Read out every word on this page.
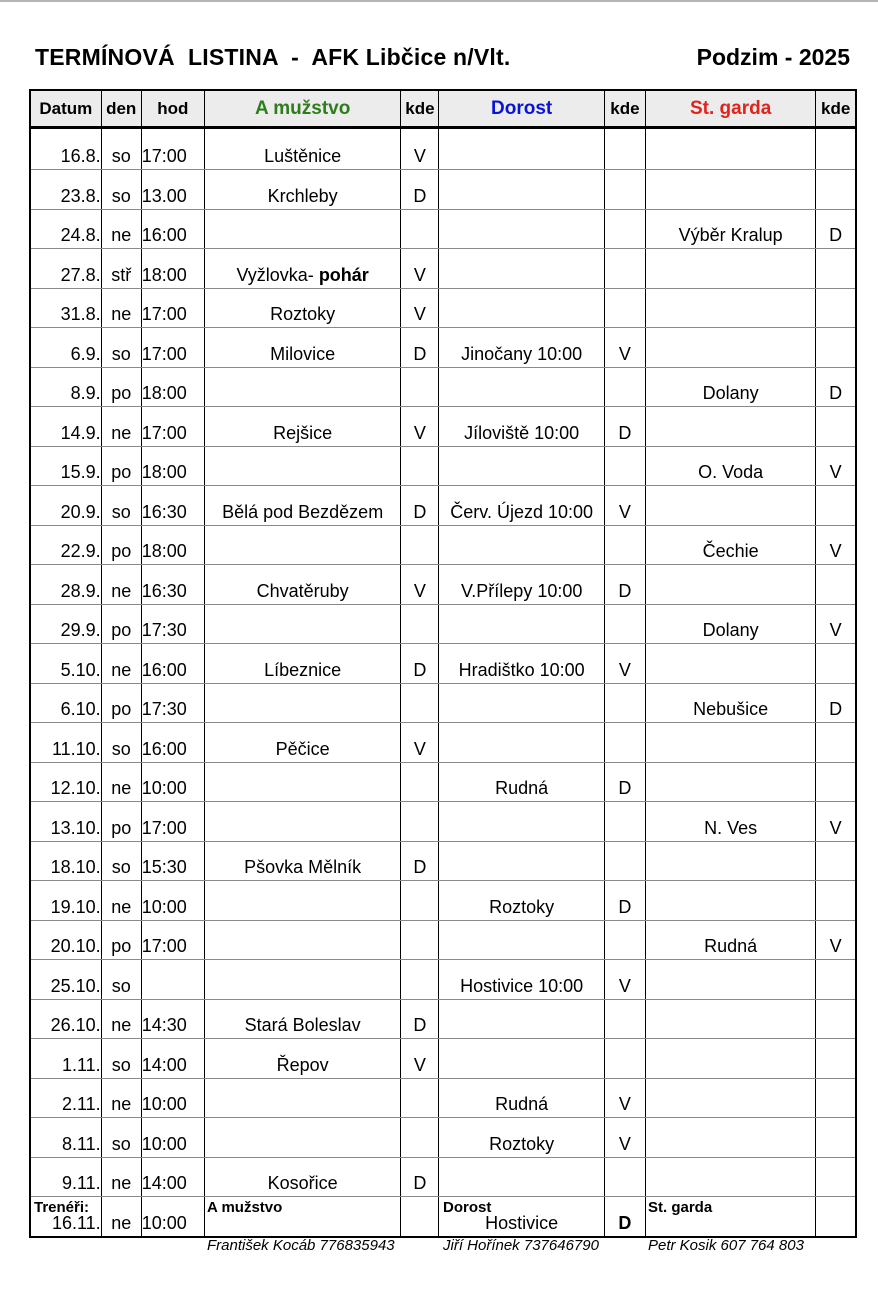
TERMÍNOVÁ  LISTINA  -  AFK Libčice n/Vlt.	Podzim - 2025
Datum	den	hod	A mužstvo	kde	Dorost	kde	St. garda	kde
16.8.	so	17:00	Luštěnice	V				
23.8.	so	13.00	Krchleby	D				
24.8.	ne	16:00					Výběr Kralup	D
27.8.	stř	18:00	Vyžlovka- pohár	V				
31.8.	ne	17:00	Roztoky	V				
6.9.	so	17:00	Milovice	D	Jinočany 10:00	V		
8.9.	po	18:00					Dolany	D
14.9.	ne	17:00	Rejšice	V	Jíloviště 10:00	D		
15.9.	po	18:00					O. Voda	V
20.9.	so	16:30	Bělá pod Bezdězem	D	Červ. Újezd 10:00	V		
22.9.	po	18:00					Čechie	V
28.9.	ne	16:30	Chvatěruby	V	V.Přílepy 10:00	D		
29.9.	po	17:30					Dolany	V
5.10.	ne	16:00	Líbeznice	D	Hradištko 10:00	V		
6.10.	po	17:30					Nebušice	D
11.10.	so	16:00	Pěčice	V				
12.10.	ne	10:00			Rudná	D		
13.10.	po	17:00					N. Ves	V
18.10.	so	15:30	Pšovka Mělník	D				
19.10.	ne	10:00			Roztoky	D		
20.10.	po	17:00					Rudná	V
25.10.	so				Hostivice 10:00	V		
26.10.	ne	14:30	Stará Boleslav	D				
1.11.	so	14:00	Řepov	V				
2.11.	ne	10:00			Rudná	V		
8.11.	so	10:00			Roztoky	V		
9.11.	ne	14:00	Kosořice	D				
16.11.	ne	10:00			Hostivice	D		
Trenéři:	A mužstvo	Dorost	St. garda
František Kocáb 776835943	Jiří Hořínek 737646790	Petr Kosik 607 764 803
